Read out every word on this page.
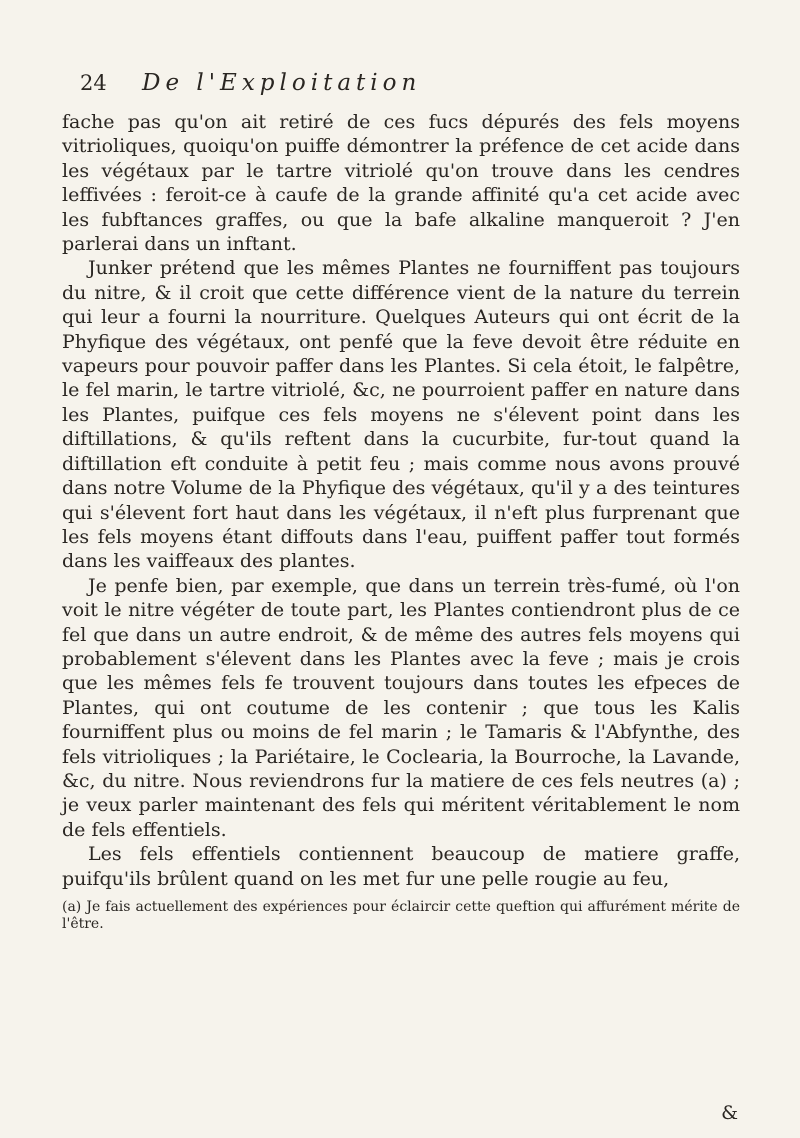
24	De l'Exploitation

fache pas qu'on ait retiré de ces fucs dépurés des fels moyens vitrioliques, quoiqu'on puiffe démontrer la préfence de cet acide dans les végétaux par le tartre vitriolé qu'on trouve dans les cendres leffivées : feroit-ce à caufe de la grande affinité qu'a cet acide avec les fubftances graffes, ou que la bafe alkaline manqueroit ? J'en parlerai dans un inftant.

Junker prétend que les mêmes Plantes ne fourniffent pas toujours du nitre, & il croit que cette différence vient de la nature du terrein qui leur a fourni la nourriture. Quelques Auteurs qui ont écrit de la Phyfique des végétaux, ont penfé que la feve devoit être réduite en vapeurs pour pouvoir paffer dans les Plantes. Si cela étoit, le falpêtre, le fel marin, le tartre vitriolé, &c, ne pourroient paffer en nature dans les Plantes, puifque ces fels moyens ne s'élevent point dans les diftillations, & qu'ils reftent dans la cucurbite, fur-tout quand la diftillation eft conduite à petit feu ; mais comme nous avons prouvé dans notre Volume de la Phyfique des végétaux, qu'il y a des teintures qui s'élevent fort haut dans les végétaux, il n'eft plus furprenant que les fels moyens étant diffouts dans l'eau, puiffent paffer tout formés dans les vaiffeaux des plantes.

Je penfe bien, par exemple, que dans un terrein très-fumé, où l'on voit le nitre végéter de toute part, les Plantes contiendront plus de ce fel que dans un autre endroit, & de même des autres fels moyens qui probablement s'élevent dans les Plantes avec la feve ; mais je crois que les mêmes fels fe trouvent toujours dans toutes les efpeces de Plantes, qui ont coutume de les contenir ; que tous les Kalis fourniffent plus ou moins de fel marin ; le Tamaris & l'Abfynthe, des fels vitrioliques ; la Pariétaire, le Coclearia, la Bourroche, la Lavande, &c, du nitre. Nous reviendrons fur la matiere de ces fels neutres (a) ; je veux parler maintenant des fels qui méritent véritablement le nom de fels effentiels.

Les fels effentiels contiennent beaucoup de matiere graffe, puifqu'ils brûlent quand on les met fur une pelle rougie au feu,

(a) Je fais actuellement des expériences pour éclaircir cette queftion qui affurément mérite de l'être.
&
